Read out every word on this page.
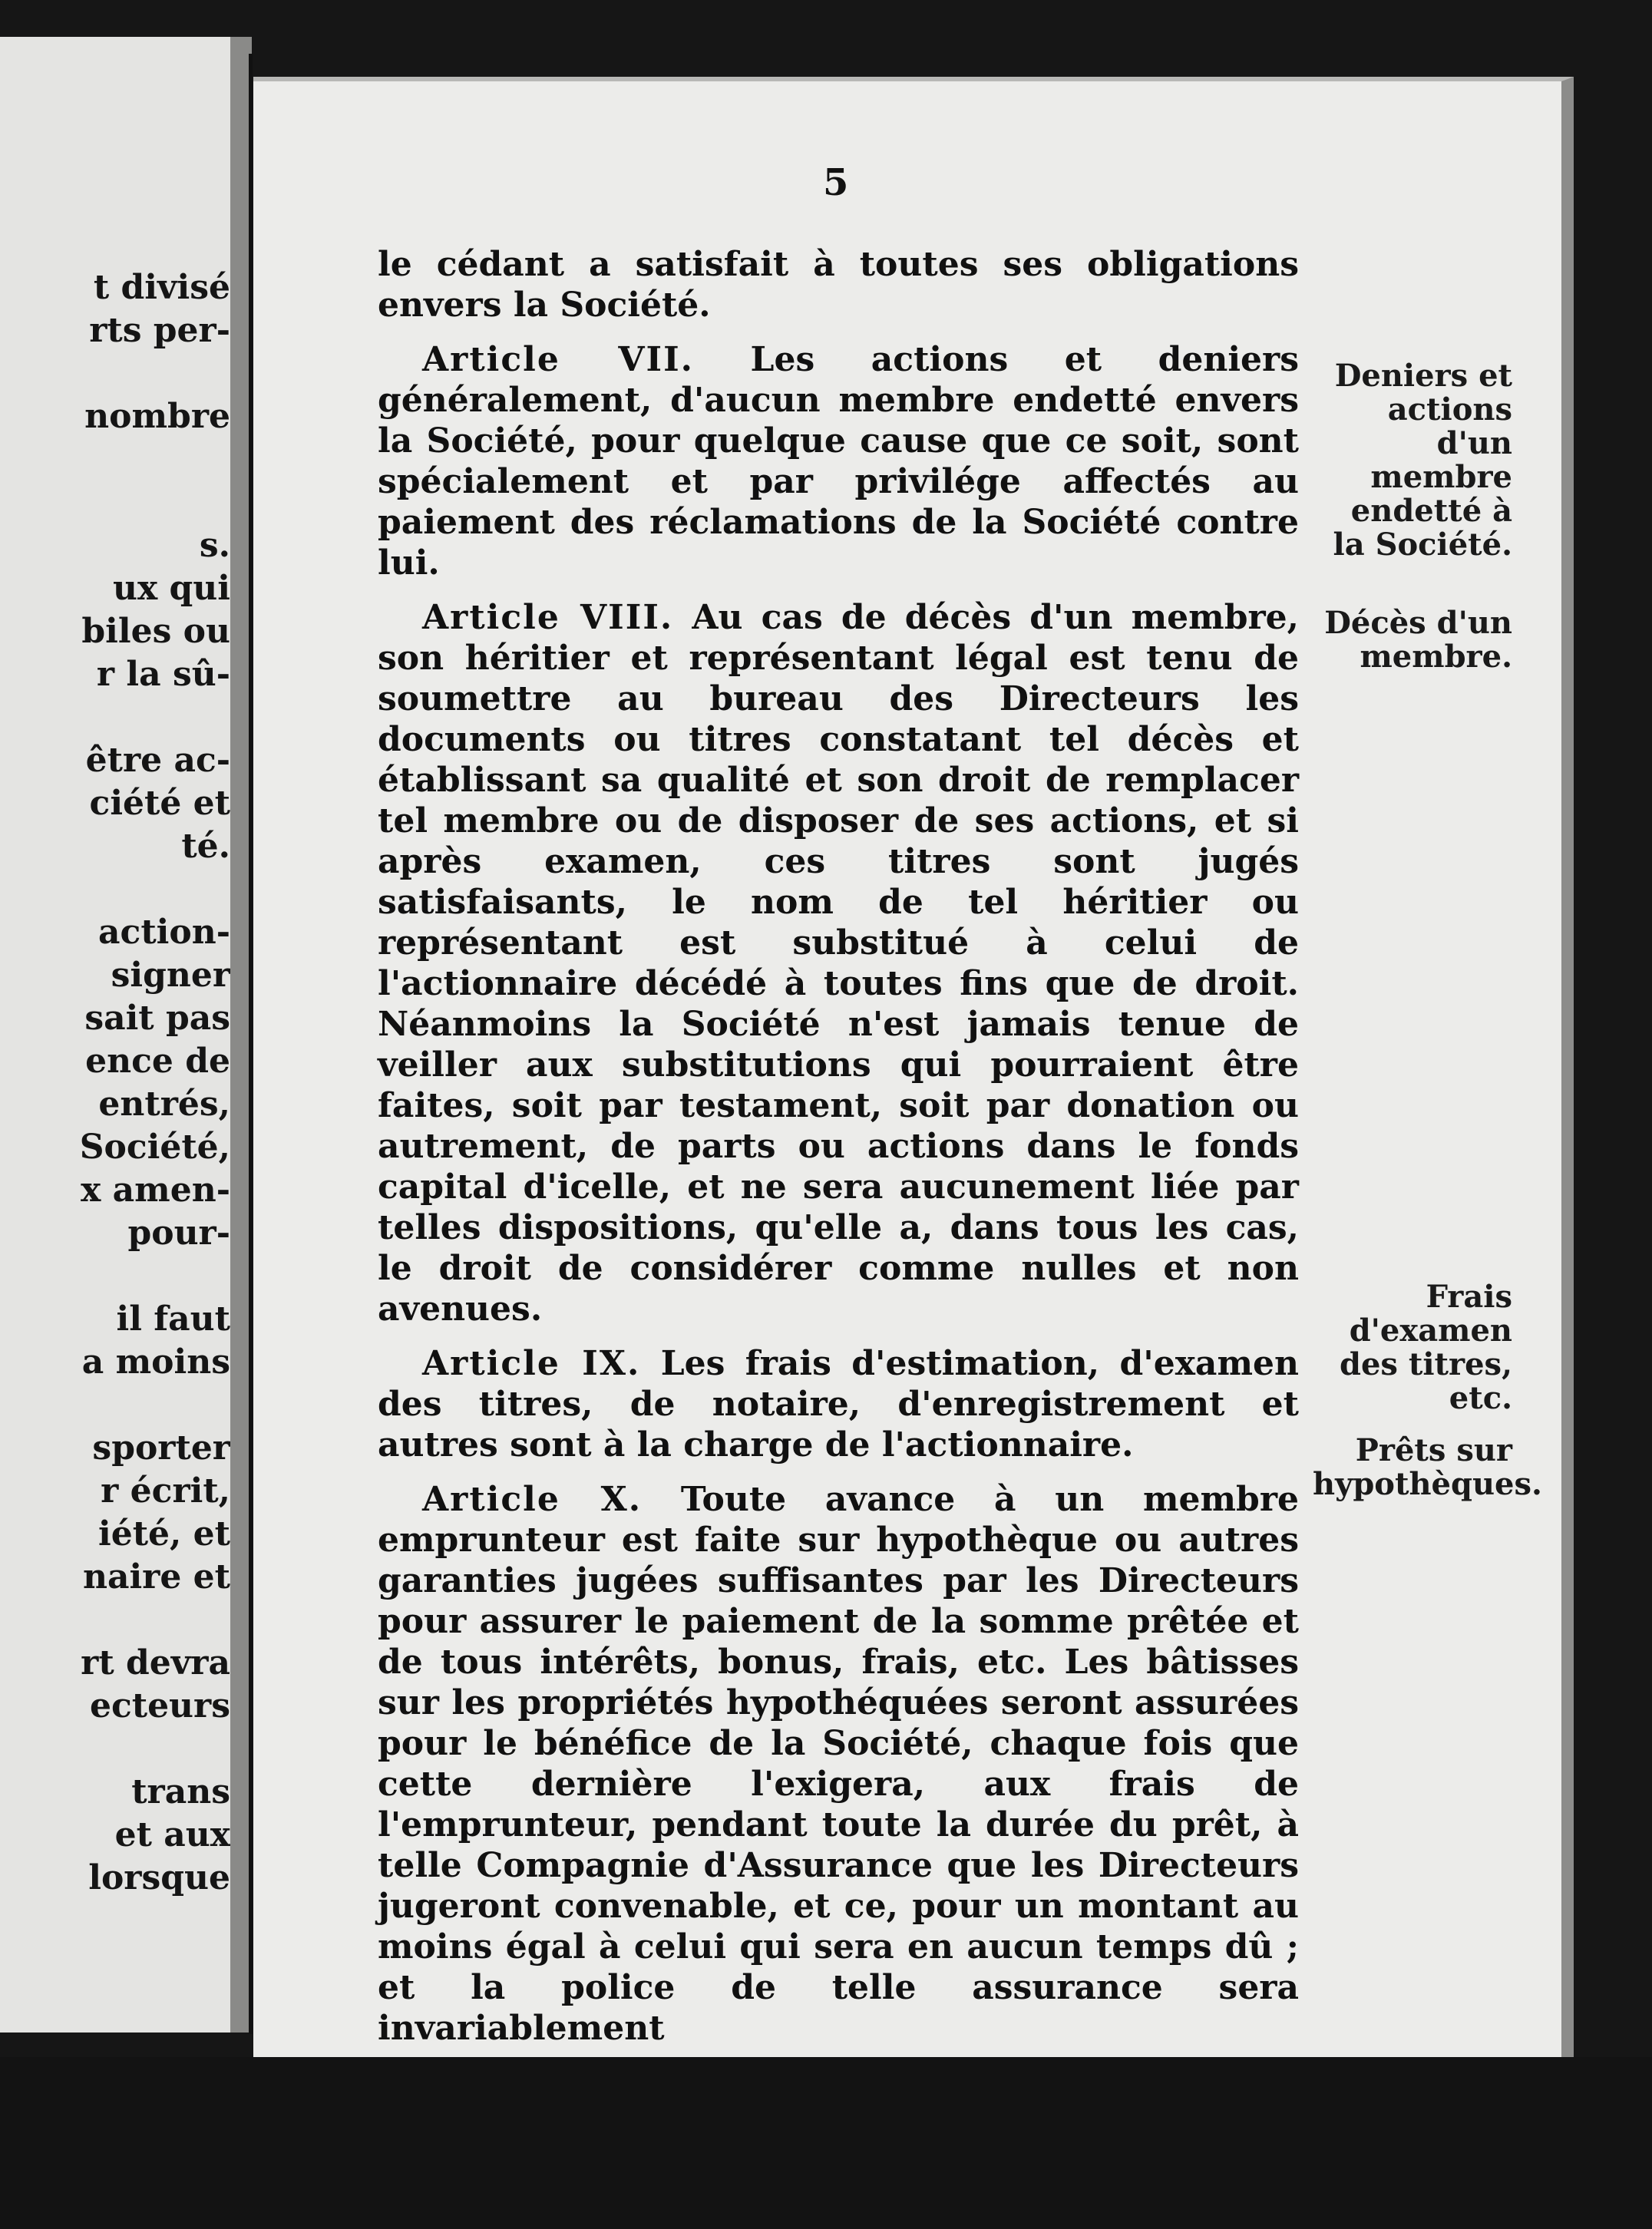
t divisé
rts per-
nombre
s.
ux qui
biles ou
r la sû-
être ac-
ciété et
té.
action-
signer
sait pas
ence de
entrés,
Société,
x amen-
pour-
il faut
a moins
sporter
r écrit,
iété, et
naire et
rt devra
ecteurs
trans
et aux
lorsque
5

le cédant a satisfait à toutes ses obligations envers la Société.

Article VII. Les actions et deniers généralement, d'aucun membre endetté envers la Société, pour quelque cause que ce soit, sont spécialement et par privilége affectés au paiement des réclamations de la Société contre lui.

Article VIII. Au cas de décès d'un membre, son héritier et représentant légal est tenu de soumettre au bureau des Directeurs les documents ou titres constatant tel décès et établissant sa qualité et son droit de remplacer tel membre ou de disposer de ses actions, et si après examen, ces titres sont jugés satisfaisants, le nom de tel héritier ou représentant est substitué à celui de l'actionnaire décédé à toutes fins que de droit. Néanmoins la Société n'est jamais tenue de veiller aux substitutions qui pourraient être faites, soit par testament, soit par donation ou autrement, de parts ou actions dans le fonds capital d'icelle, et ne sera aucunement liée par telles dispositions, qu'elle a, dans tous les cas, le droit de considérer comme nulles et non avenues.

Article IX. Les frais d'estimation, d'examen des titres, de notaire, d'enregistrement et autres sont à la charge de l'actionnaire.

Article X. Toute avance à un membre emprunteur est faite sur hypothèque ou autres garanties jugées suffisantes par les Directeurs pour assurer le paiement de la somme prêtée et de tous intérêts, bonus, frais, etc. Les bâtisses sur les propriétés hypothéquées seront assurées pour le bénéfice de la Société, chaque fois que cette dernière l'exigera, aux frais de l'emprunteur, pendant toute la durée du prêt, à telle Compagnie d'Assurance que les Directeurs jugeront convenable, et ce, pour un montant au moins égal à celui qui sera en aucun temps dû ; et la police de telle assurance sera invariablement

Deniers et actions d'un membre endetté à la Société.
Décès d'un membre.
Frais d'examen des titres, etc.
Prêts sur hypothèques.
